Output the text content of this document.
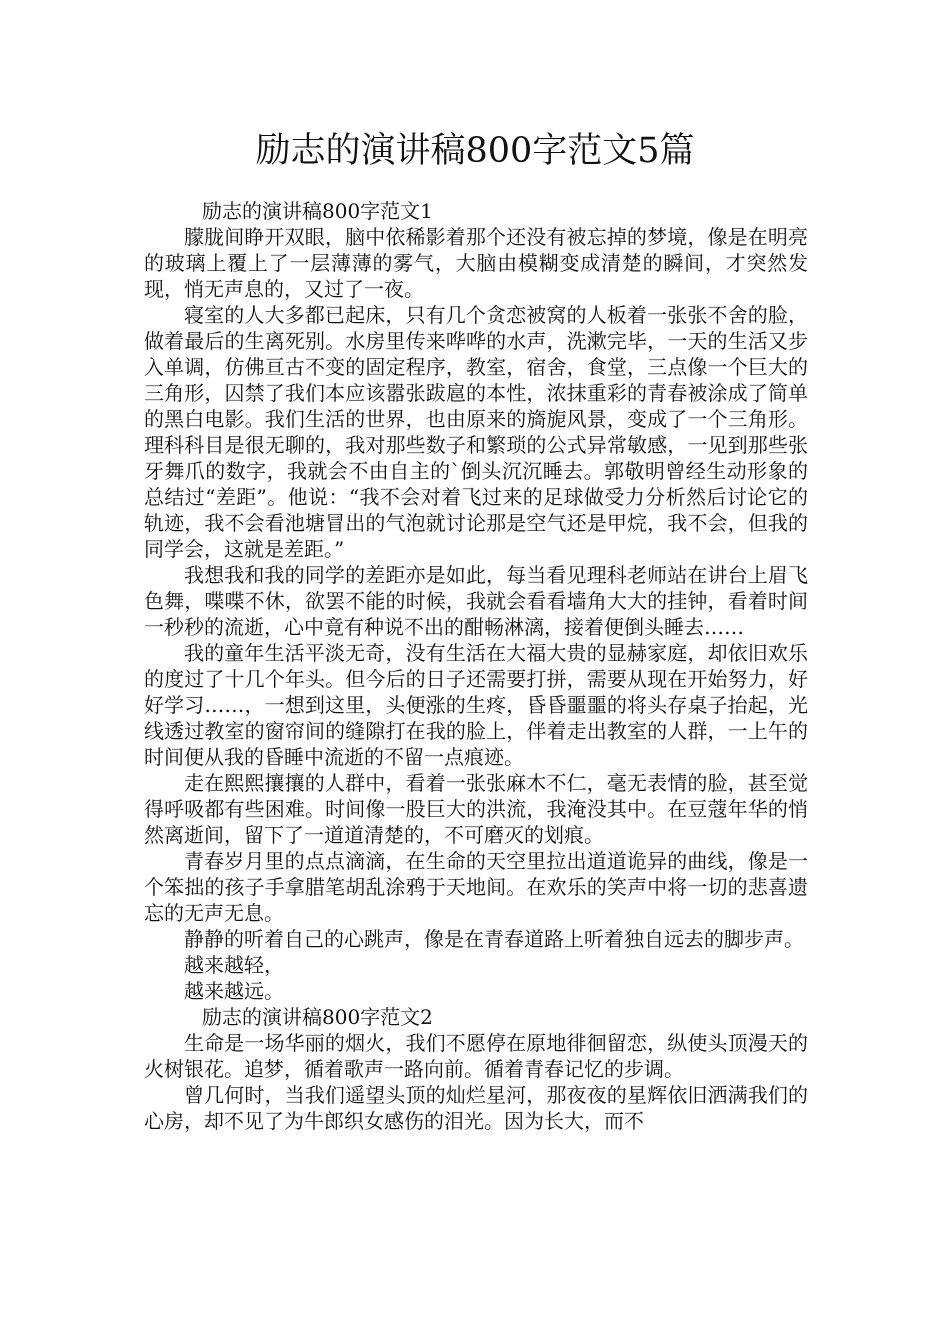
励志的演讲稿800字范文5篇

励志的演讲稿800字范文1

朦胧间睁开双眼，脑中依稀影着那个还没有被忘掉的梦境，像是在明亮的玻璃上覆上了一层薄薄的雾气，大脑由模糊变成清楚的瞬间，才突然发现，悄无声息的，又过了一夜。

寝室的人大多都已起床，只有几个贪恋被窝的人板着一张张不舍的脸，做着最后的生离死别。水房里传来哗哗的水声，洗漱完毕，一天的生活又步入单调，仿佛亘古不变的固定程序，教室，宿舍，食堂，三点像一个巨大的三角形，囚禁了我们本应该嚣张跋扈的本性，浓抹重彩的青春被涂成了简单的黑白电影。我们生活的世界，也由原来的旖旎风景，变成了一个三角形。理科科目是很无聊的，我对那些数子和繁琐的公式异常敏感，一见到那些张牙舞爪的数字，我就会不由自主的`倒头沉沉睡去。郭敬明曾经生动形象的总结过“差距”。他说：“我不会对着飞过来的足球做受力分析然后讨论它的轨迹，我不会看池塘冒出的气泡就讨论那是空气还是甲烷，我不会，但我的同学会，这就是差距。”

我想我和我的同学的差距亦是如此，每当看见理科老师站在讲台上眉飞色舞，喋喋不休，欲罢不能的时候，我就会看看墙角大大的挂钟，看着时间一秒秒的流逝，心中竟有种说不出的酣畅淋漓，接着便倒头睡去……

我的童年生活平淡无奇，没有生活在大福大贵的显赫家庭，却依旧欢乐的度过了十几个年头。但今后的日子还需要打拼，需要从现在开始努力，好好学习……，一想到这里，头便涨的生疼，昏昏噩噩的将头存桌子抬起，光线透过教室的窗帘间的缝隙打在我的脸上，伴着走出教室的人群，一上午的时间便从我的昏睡中流逝的不留一点痕迹。

走在熙熙攘攘的人群中，看着一张张麻木不仁，毫无表情的脸，甚至觉得呼吸都有些困难。时间像一股巨大的洪流，我淹没其中。在豆蔻年华的悄然离逝间，留下了一道道清楚的，不可磨灭的划痕。

青春岁月里的点点滴滴，在生命的天空里拉出道道诡异的曲线，像是一个笨拙的孩子手拿腊笔胡乱涂鸦于天地间。在欢乐的笑声中将一切的悲喜遗忘的无声无息。

静静的听着自己的心跳声，像是在青春道路上听着独自远去的脚步声。

越来越轻，

越来越远。

励志的演讲稿800字范文2

生命是一场华丽的烟火，我们不愿停在原地徘徊留恋，纵使头顶漫天的火树银花。追梦，循着歌声一路向前。循着青春记忆的步调。

曾几何时，当我们遥望头顶的灿烂星河，那夜夜的星辉依旧洒满我们的心房，却不见了为牛郎织女感伤的泪光。因为长大，而不
